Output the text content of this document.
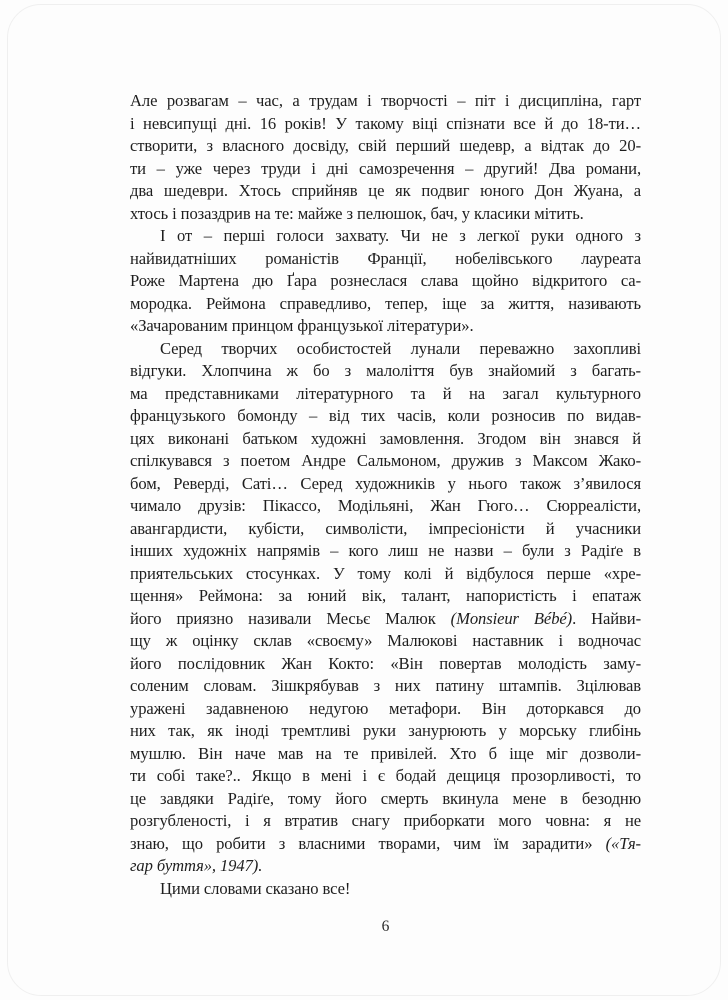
Але розвагам – час, а трудам і творчості – піт і дисципліна, гарт
і невсипущі дні. 16 років! У такому віці спізнати все й до 18-ти…
створити, з власного досвіду, свій перший шедевр, а відтак до 20-
ти – уже через труди і дні самозречення – другий! Два романи,
два шедеври. Хтось сприйняв це як подвиг юного Дон Жуана, а
хтось і позаздрив на те: майже з пелюшок, бач, у класики мітить.
І от – перші голоси захвату. Чи не з легкої руки одного з
найвидатніших романістів Франції, нобелівського лауреата
Роже Мартена дю Ґара рознеслася слава щойно відкритого са-
мородка. Реймона справедливо, тепер, іще за життя, називають
«Зачарованим принцом французької літератури».
Серед творчих особистостей лунали переважно захопливі
відгуки. Хлопчина ж бо з малоліття був знайомий з багать-
ма представниками літературного та й на загал культурного
французького бомонду – від тих часів, коли розносив по видав-
цях виконані батьком художні замовлення. Згодом він знався й
спілкувався з поетом Андре Сальмоном, дружив з Максом Жако-
бом, Реверді, Саті… Серед художників у нього також з’явилося
чимало друзів: Пікассо, Модільяні, Жан Гюго… Сюрреалісти,
авангардисти, кубісти, символісти, імпресіоністи й учасники
інших художніх напрямів – кого лиш не назви – були з Радіґе в
приятельських стосунках. У тому колі й відбулося перше «хре-
щення» Реймона: за юний вік, талант, напористість і епатаж
його приязно називали Месьє Малюк (Monsieur Bébé). Найви-
щу ж оцінку склав «своєму» Малюкові наставник і водночас
його послідовник Жан Кокто: «Він повертав молодість заму-
соленим словам. Зішкрябував з них патину штампів. Зцілював
уражені задавненою недугою метафори. Він доторкався до
них так, як іноді тремтливі руки занурюють у морську глибінь
мушлю. Він наче мав на те привілей. Хто б іще міг дозволи-
ти собі таке?.. Якщо в мені і є бодай дещиця прозорливості, то
це завдяки Радіґе, тому його смерть вкинула мене в безодню
розгубленості, і я втратив снагу приборкати мого човна: я не
знаю, що робити з власними творами, чим їм зарадити» («Тя-
гар буття», 1947).
Цими словами сказано все!
6
